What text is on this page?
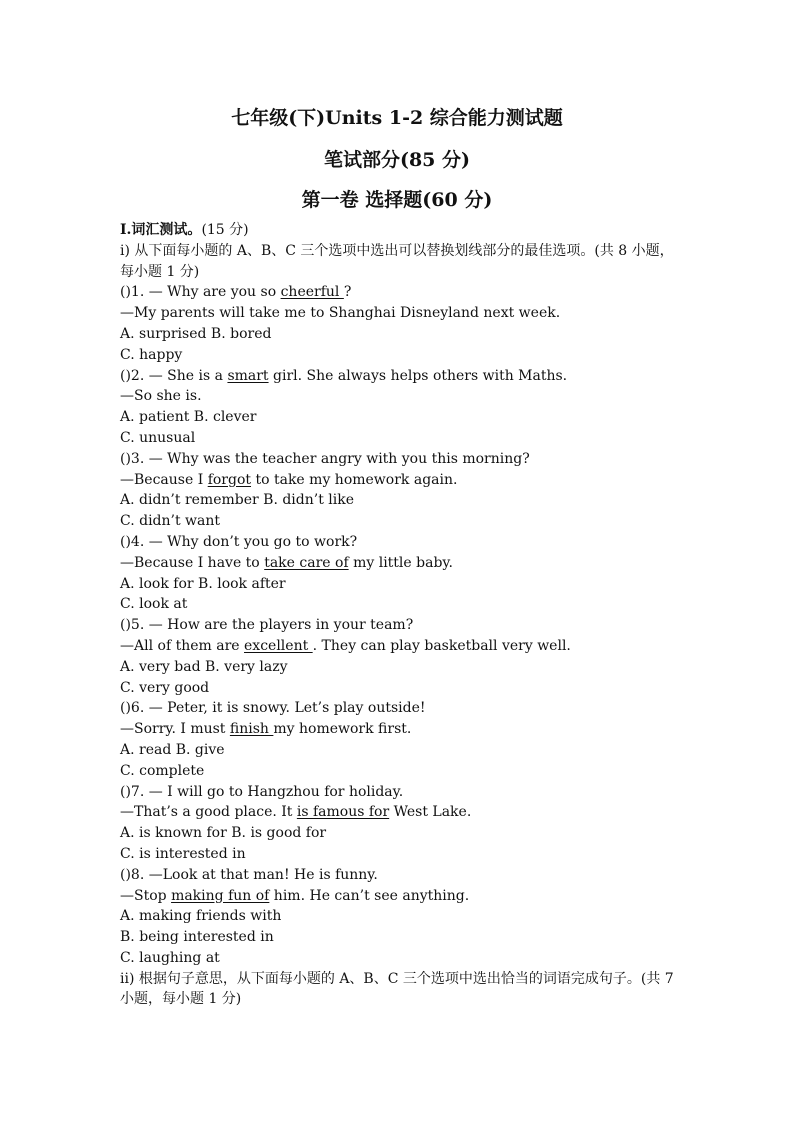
七年级(下)Units 1-2 综合能力测试题
笔试部分(85 分)
第一卷 选择题(60 分)

I.词汇测试。(15 分)

i) 从下面每小题的 A、B、C 三个选项中选出可以替换划线部分的最佳选项。(共 8 小题，每小题 1 分)

()1. — Why are you so cheerful ?

—My parents will take me to Shanghai Disneyland next week.

A. surprised B. bored

C. happy

()2. — She is a smart girl. She always helps others with Maths.

—So she is.

A. patient B. clever

C. unusual

()3. — Why was the teacher angry with you this morning?

—Because I forgot to take my homework again.

A. didn’t remember B. didn’t like

C. didn’t want

()4. — Why don’t you go to work?

—Because I have to take care of my little baby.

A. look for B. look after

C. look at

()5. — How are the players in your team?

—All of them are excellent . They can play basketball very well.

A. very bad B. very lazy

C. very good

()6. — Peter, it is snowy. Let’s play outside!

—Sorry. I must finish my homework first.

A. read B. give

C. complete

()7. — I will go to Hangzhou for holiday.

—That’s a good place. It is famous for West Lake.

A. is known for B. is good for

C. is interested in

()8. —Look at that man! He is funny.

—Stop making fun of him. He can’t see anything.

A. making friends with

B. being interested in

C. laughing at

ii) 根据句子意思，从下面每小题的 A、B、C 三个选项中选出恰当的词语完成句子。(共 7 小题，每小题 1 分)
